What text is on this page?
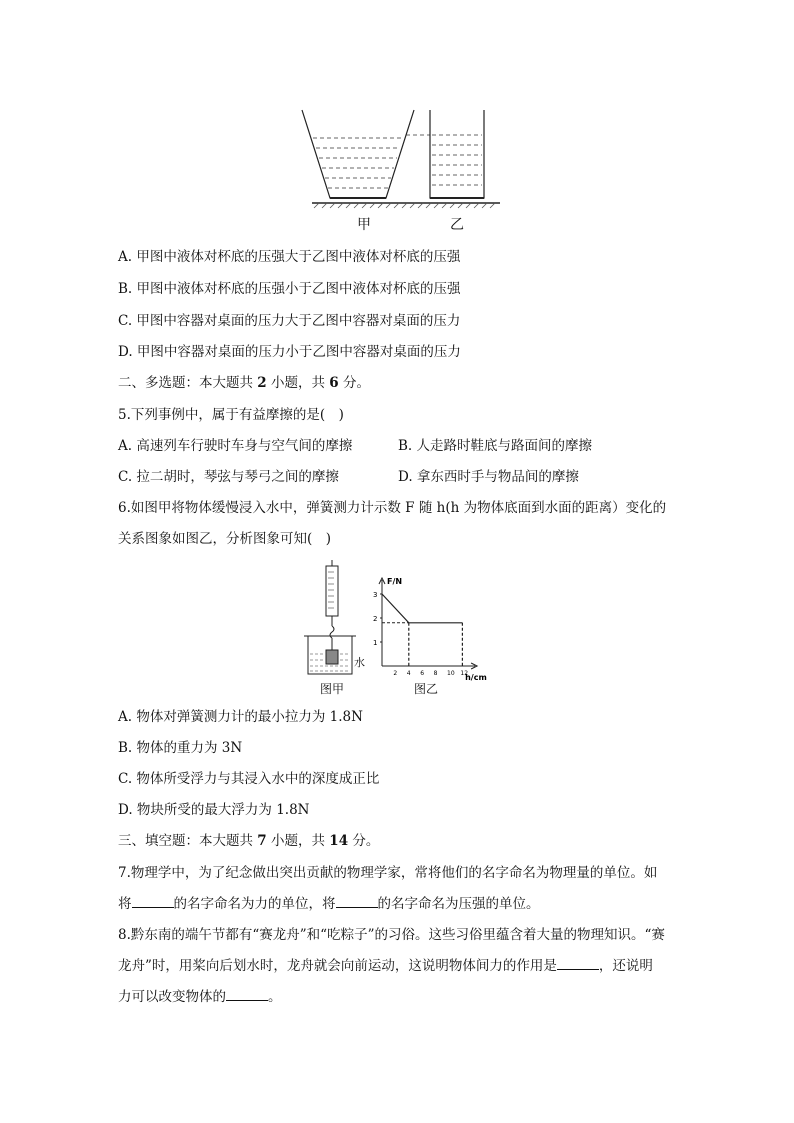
甲	乙
A. 甲图中液体对杯底的压强大于乙图中液体对杯底的压强
B. 甲图中液体对杯底的压强小于乙图中液体对杯底的压强
C. 甲图中容器对桌面的压力大于乙图中容器对桌面的压力
D. 甲图中容器对桌面的压力小于乙图中容器对桌面的压力
二、多选题：本大题共 2 小题，共 6 分。
5.下列事例中，属于有益摩擦的是(　)
A. 高速列车行驶时车身与空气间的摩擦	B. 人走路时鞋底与路面间的摩擦
C. 拉二胡时，琴弦与琴弓之间的摩擦	D. 拿东西时手与物品间的摩擦
6.如图甲将物体缓慢浸入水中，弹簧测力计示数 F 随 h(h 为物体底面到水面的距离）变化的
关系图象如图乙，分析图象可知(　)
水
图甲
F/N
h/cm
1
2
3
2 4 6 8 10 12
图乙
A. 物体对弹簧测力计的最小拉力为 1.8N
B. 物体的重力为 3N
C. 物体所受浮力与其浸入水中的深度成正比
D. 物块所受的最大浮力为 1.8N
三、填空题：本大题共 7 小题，共 14 分。
7.物理学中，为了纪念做出突出贡献的物理学家，常将他们的名字命名为物理量的单位。如
将	的名字命名为力的单位，将	的名字命名为压强的单位。
8.黔东南的端午节都有“赛龙舟”和“吃粽子”的习俗。这些习俗里蕴含着大量的物理知识。“赛
龙舟”时，用桨向后划水时，龙舟就会向前运动，这说明物体间力的作用是	，还说明
力可以改变物体的	。
